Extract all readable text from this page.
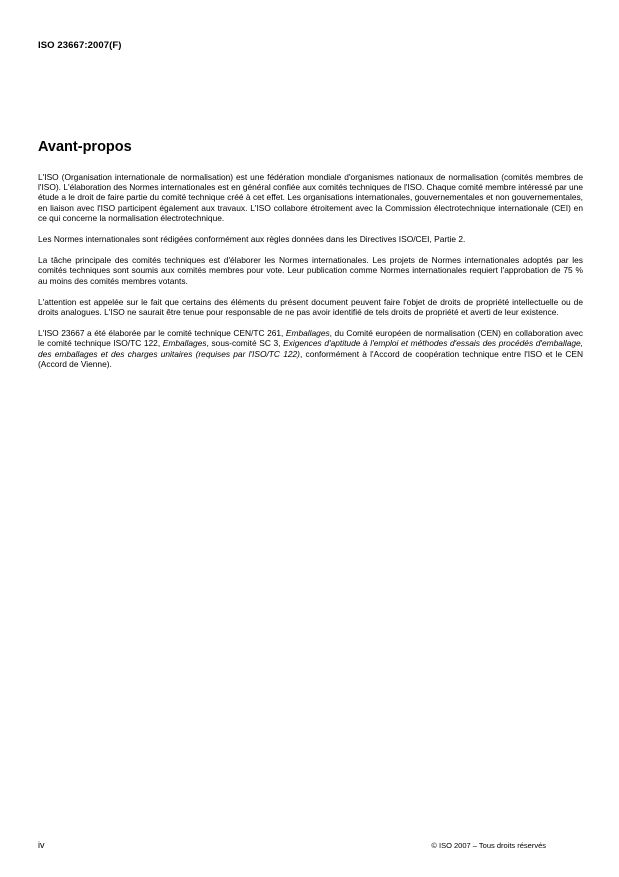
ISO 23667:2007(F)
Avant-propos

L'ISO (Organisation internationale de normalisation) est une fédération mondiale d'organismes nationaux de normalisation (comités membres de l'ISO). L'élaboration des Normes internationales est en général confiée aux comités techniques de l'ISO. Chaque comité membre intéressé par une étude a le droit de faire partie du comité technique créé à cet effet. Les organisations internationales, gouvernementales et non gouvernementales, en liaison avec l'ISO participent également aux travaux. L'ISO collabore étroitement avec la Commission électrotechnique internationale (CEI) en ce qui concerne la normalisation électrotechnique.

Les Normes internationales sont rédigées conformément aux règles données dans les Directives ISO/CEI, Partie 2.

La tâche principale des comités techniques est d'élaborer les Normes internationales. Les projets de Normes internationales adoptés par les comités techniques sont soumis aux comités membres pour vote. Leur publication comme Normes internationales requiert l'approbation de 75 % au moins des comités membres votants.

L'attention est appelée sur le fait que certains des éléments du présent document peuvent faire l'objet de droits de propriété intellectuelle ou de droits analogues. L'ISO ne saurait être tenue pour responsable de ne pas avoir identifié de tels droits de propriété et averti de leur existence.

L'ISO 23667 a été élaborée par le comité technique CEN/TC 261, Emballages, du Comité européen de normalisation (CEN) en collaboration avec le comité technique ISO/TC 122, Emballages, sous-comité SC 3, Exigences d'aptitude à l'emploi et méthodes d'essais des procédés d'emballage, des emballages et des charges unitaires (requises par l'ISO/TC 122), conformément à l'Accord de coopération technique entre l'ISO et le CEN (Accord de Vienne).

iv	© ISO 2007 – Tous droits réservés
